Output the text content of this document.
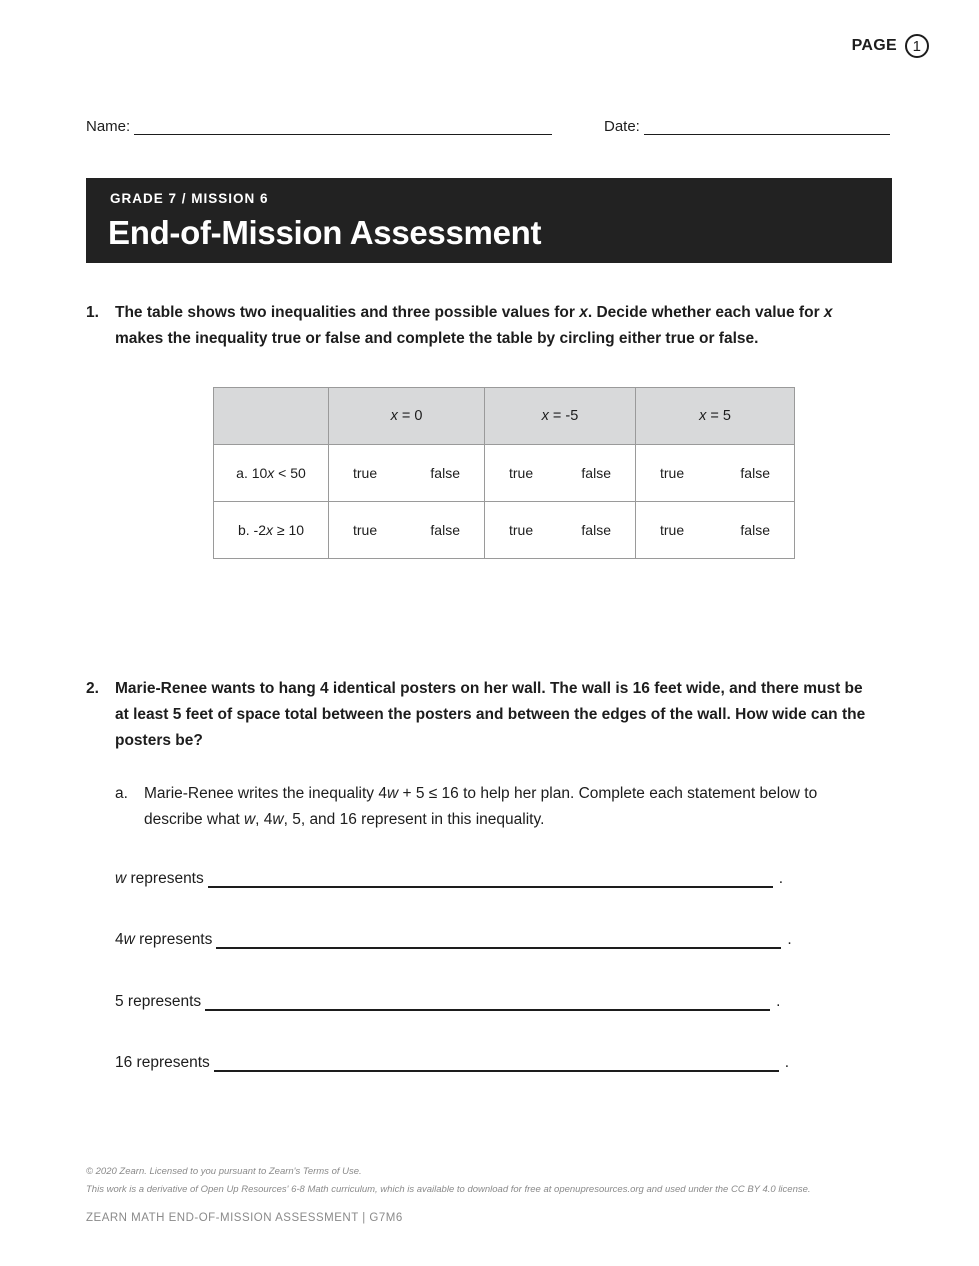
PAGE	1
Name:	Date:
GRADE 7 / MISSION 6
End-of-Mission Assessment
1. The table shows two inequalities and three possible values for x. Decide whether each value for x
makes the inequality true or false and complete the table by circling either true or false.
	x = 0	x = -5	x = 5
a. 10x < 50	true false	true false	true false

b. -2x ≥ 10	true false	true false	true false
2. Marie-Renee wants to hang 4 identical posters on her wall. The wall is 16 feet wide, and there must be
at least 5 feet of space total between the posters and between the edges of the wall. How wide can the
posters be?
a. Marie-Renee writes the inequality 4w + 5 ≤ 16 to help her plan. Complete each statement below to
describe what w, 4w, 5, and 16 represent in this inequality.
w represents	.
4w represents	.
5 represents	.
16 represents	.
© 2020 Zearn. Licensed to you pursuant to Zearn's Terms of Use.
This work is a derivative of Open Up Resources' 6-8 Math curriculum, which is available to download for free at openupresources.org and used under the CC BY 4.0 license.
ZEARN MATH END-OF-MISSION ASSESSMENT | G7M6
